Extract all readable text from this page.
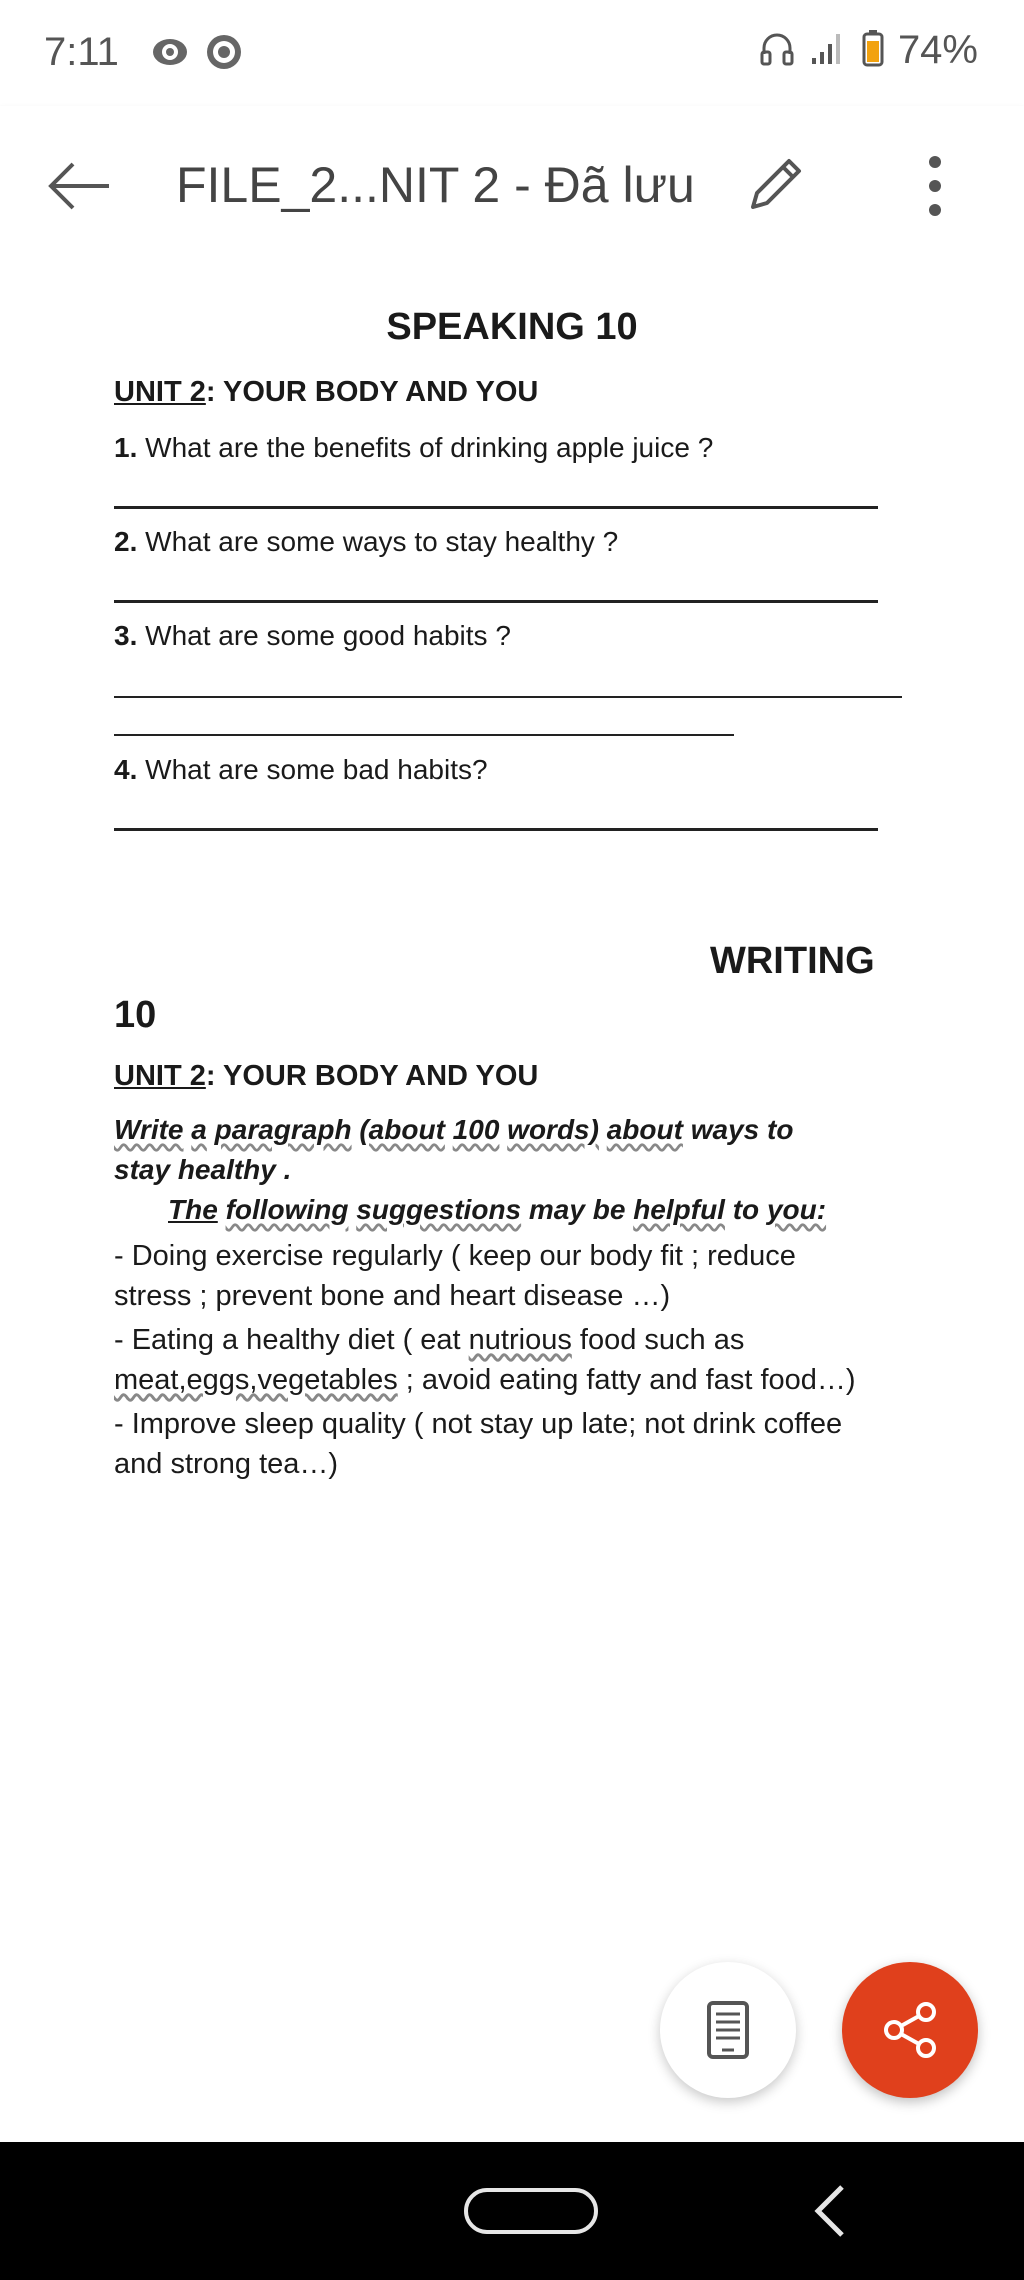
7:11	74%
FILE_2...NIT 2 - Đã lưu
SPEAKING 10
UNIT 2: YOUR BODY AND YOU
1. What are the benefits of drinking apple juice ?
2. What are some ways to stay healthy ?
3. What are some good habits ?
4. What are some bad habits?
WRITING
10
UNIT 2: YOUR BODY AND YOU
Write a paragraph (about 100 words) about ways to
stay healthy .
The following suggestions may be helpful to you:
- Doing exercise regularly ( keep our body fit ; reduce
stress ; prevent bone and heart disease …)
- Eating a healthy diet ( eat nutrious food such as
meat,eggs,vegetables ; avoid eating fatty and fast food…)
- Improve sleep quality ( not stay up late; not drink coffee
and strong tea…)
